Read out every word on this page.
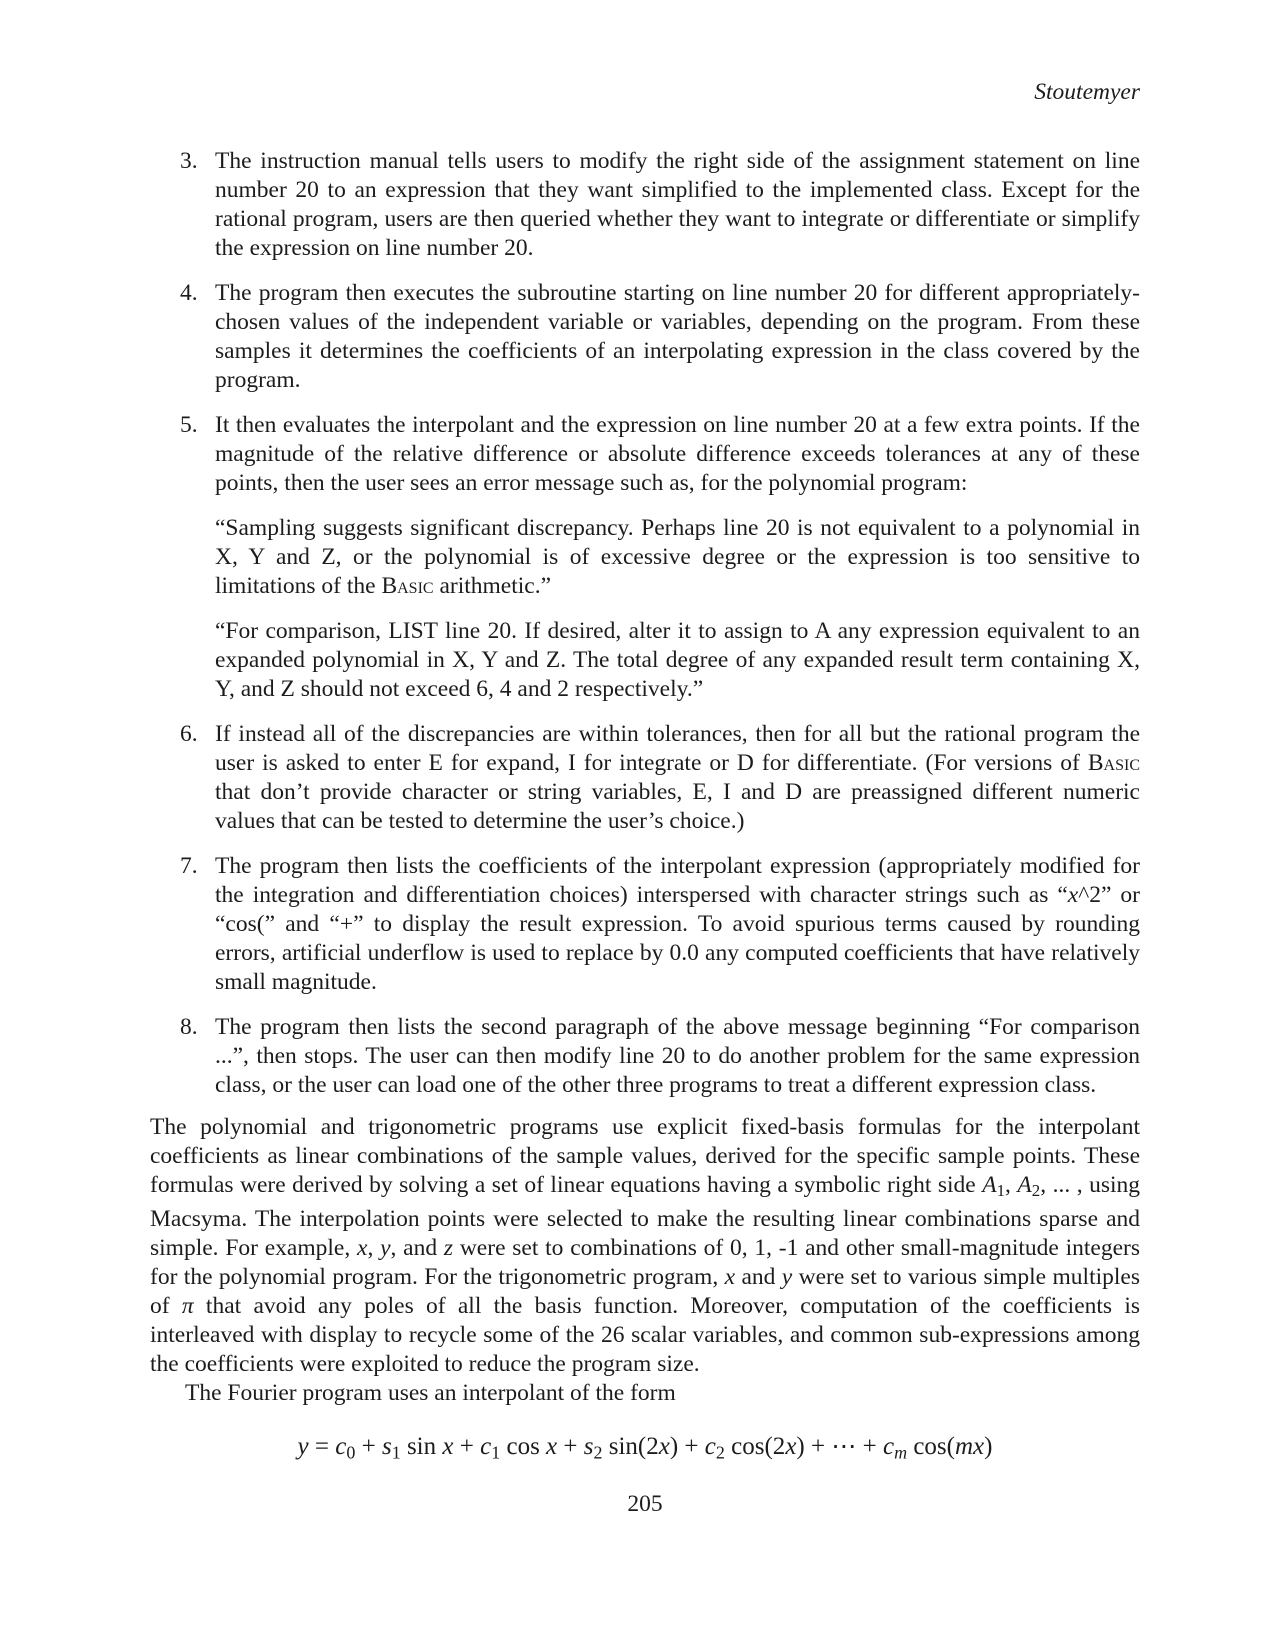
Stoutemyer
3. The instruction manual tells users to modify the right side of the assignment statement on line number 20 to an expression that they want simplified to the implemented class. Except for the rational program, users are then queried whether they want to integrate or differentiate or simplify the expression on line number 20.
4. The program then executes the subroutine starting on line number 20 for different appropriately-chosen values of the independent variable or variables, depending on the program. From these samples it determines the coefficients of an interpolating expression in the class covered by the program.
5. It then evaluates the interpolant and the expression on line number 20 at a few extra points. If the magnitude of the relative difference or absolute difference exceeds tolerances at any of these points, then the user sees an error message such as, for the polynomial program:
“Sampling suggests significant discrepancy. Perhaps line 20 is not equivalent to a polynomial in X, Y and Z, or the polynomial is of excessive degree or the expression is too sensitive to limitations of the Basic arithmetic.”
“For comparison, LIST line 20. If desired, alter it to assign to A any expression equivalent to an expanded polynomial in X, Y and Z. The total degree of any expanded result term containing X, Y, and Z should not exceed 6, 4 and 2 respectively.”
6. If instead all of the discrepancies are within tolerances, then for all but the rational program the user is asked to enter E for expand, I for integrate or D for differentiate. (For versions of Basic that don’t provide character or string variables, E, I and D are preassigned different numeric values that can be tested to determine the user’s choice.)
7. The program then lists the coefficients of the interpolant expression (appropriately modified for the integration and differentiation choices) interspersed with character strings such as “x^2” or “cos(” and “+” to display the result expression. To avoid spurious terms caused by rounding errors, artificial underflow is used to replace by 0.0 any computed coefficients that have relatively small magnitude.
8. The program then lists the second paragraph of the above message beginning “For comparison ...”, then stops. The user can then modify line 20 to do another problem for the same expression class, or the user can load one of the other three programs to treat a different expression class.
The polynomial and trigonometric programs use explicit fixed-basis formulas for the interpolant coefficients as linear combinations of the sample values, derived for the specific sample points. These formulas were derived by solving a set of linear equations having a symbolic right side A1, A2, ... , using Macsyma. The interpolation points were selected to make the resulting linear combinations sparse and simple. For example, x, y, and z were set to combinations of 0, 1, -1 and other small-magnitude integers for the polynomial program. For the trigonometric program, x and y were set to various simple multiples of π that avoid any poles of all the basis function. Moreover, computation of the coefficients is interleaved with display to recycle some of the 26 scalar variables, and common sub-expressions among the coefficients were exploited to reduce the program size.
The Fourier program uses an interpolant of the form
y = c0 + s1 sin x + c1 cos x + s2 sin(2x) + c2 cos(2x) + ⋯ + cm cos(mx)
205
